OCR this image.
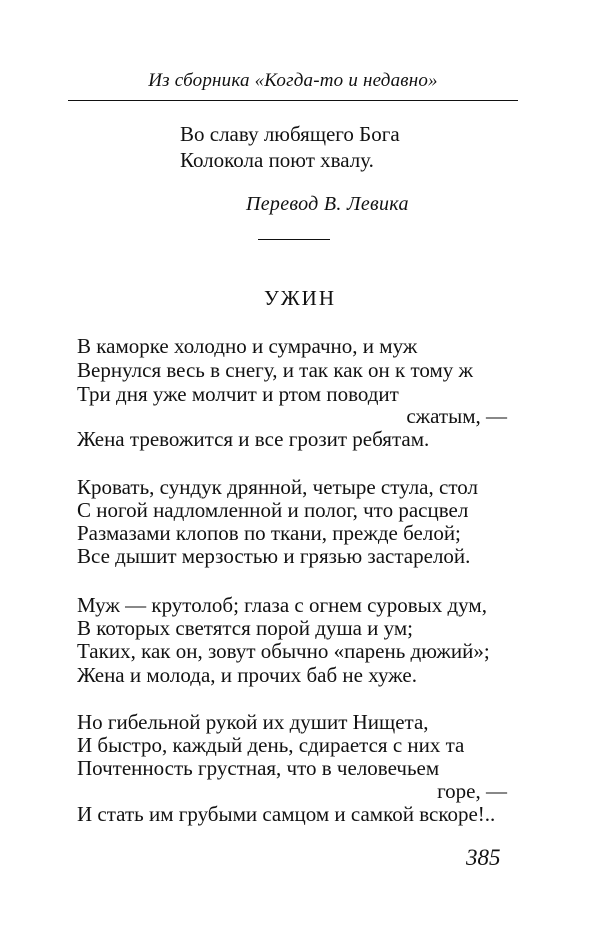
Из сборника «Когда-то и недавно»
Во славу любящего Бога
Колокола поют хвалу.
Перевод В. Левика
УЖИН
В каморке холодно и сумрачно, и муж
Вернулся весь в снегу, и так как он к тому ж
Три дня уже молчит и ртом поводит
сжатым, —
Жена тревожится и все грозит ребятам.
Кровать, сундук дрянной, четыре стула, стол
С ногой надломленной и полог, что расцвел
Размазами клопов по ткани, прежде белой;
Все дышит мерзостью и грязью застарелой.
Муж — крутолоб; глаза с огнем суровых дум,
В которых светятся порой душа и ум;
Таких, как он, зовут обычно «парень дюжий»;
Жена и молода, и прочих баб не хуже.
Но гибельной рукой их душит Нищета,
И быстро, каждый день, сдирается с них та
Почтенность грустная, что в человечьем
горе, —
И стать им грубыми самцом и самкой вскоре!..
385
